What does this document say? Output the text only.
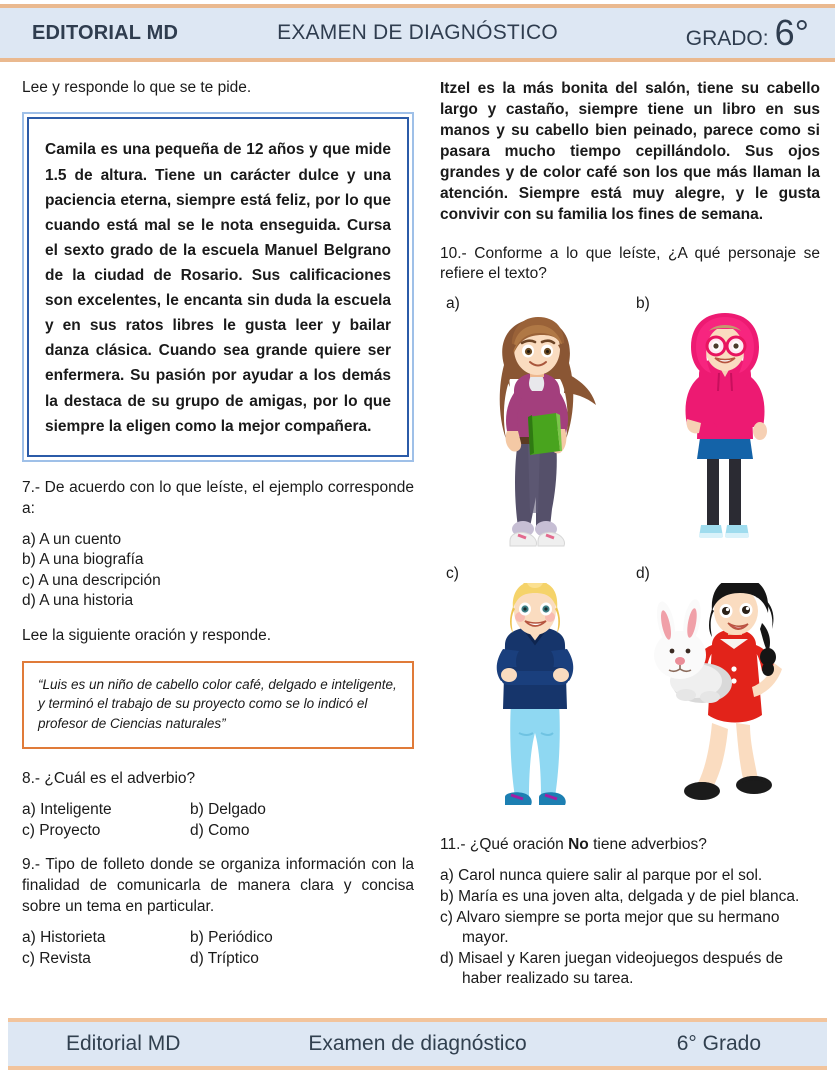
EDITORIAL MD	EXAMEN DE DIAGNÓSTICO	GRADO: 6°

Lee y responde lo que se te pide.

Camila es una pequeña de 12 años y que mide 1.5 de altura. Tiene un carácter dulce y una paciencia eterna, siempre está feliz, por lo que cuando está mal se le nota enseguida. Cursa el sexto grado de la escuela Manuel Belgrano de la ciudad de Rosario. Sus calificaciones son excelentes, le encanta sin duda la escuela y en sus ratos libres le gusta leer y bailar danza clásica. Cuando sea grande quiere ser enfermera. Su pasión por ayudar a los demás la destaca de su grupo de amigas, por lo que siempre la eligen como la mejor compañera.

7.- De acuerdo con lo que leíste, el ejemplo corresponde a:

a) A un cuento
b) A una biografía
c) A una descripción
d) A una historia

Lee la siguiente oración y responde.

“Luis es un niño de cabello color café, delgado e inteligente, y terminó el trabajo de su proyecto como se lo indicó el profesor de Ciencias naturales”

8.- ¿Cuál es el adverbio?

a) Inteligente	b) Delgado
c) Proyecto	d) Como

9.- Tipo de folleto donde se organiza información con la finalidad de comunicarla de manera clara y concisa sobre un tema en particular.

a) Historieta	b) Periódico
c) Revista	d) Tríptico

Itzel es la más bonita del salón, tiene su cabello largo y castaño, siempre tiene un libro en sus manos y su cabello bien peinado, parece como si pasara mucho tiempo cepillándolo. Sus ojos grandes y de color café son los que más llaman la atención. Siempre está muy alegre, y le gusta convivir con su familia los fines de semana.

10.- Conforme a lo que leíste, ¿A qué personaje se refiere el texto?

a)	b)
c)	d)

11.- ¿Qué oración No tiene adverbios?

a) Carol nunca quiere salir al parque por el sol.
b) María es una joven alta, delgada y de piel blanca.
c) Alvaro siempre se porta mejor que su hermano mayor.
d) Misael y Karen juegan videojuegos después de haber realizado su tarea.
Editorial MD	Examen de diagnóstico	6° Grado
